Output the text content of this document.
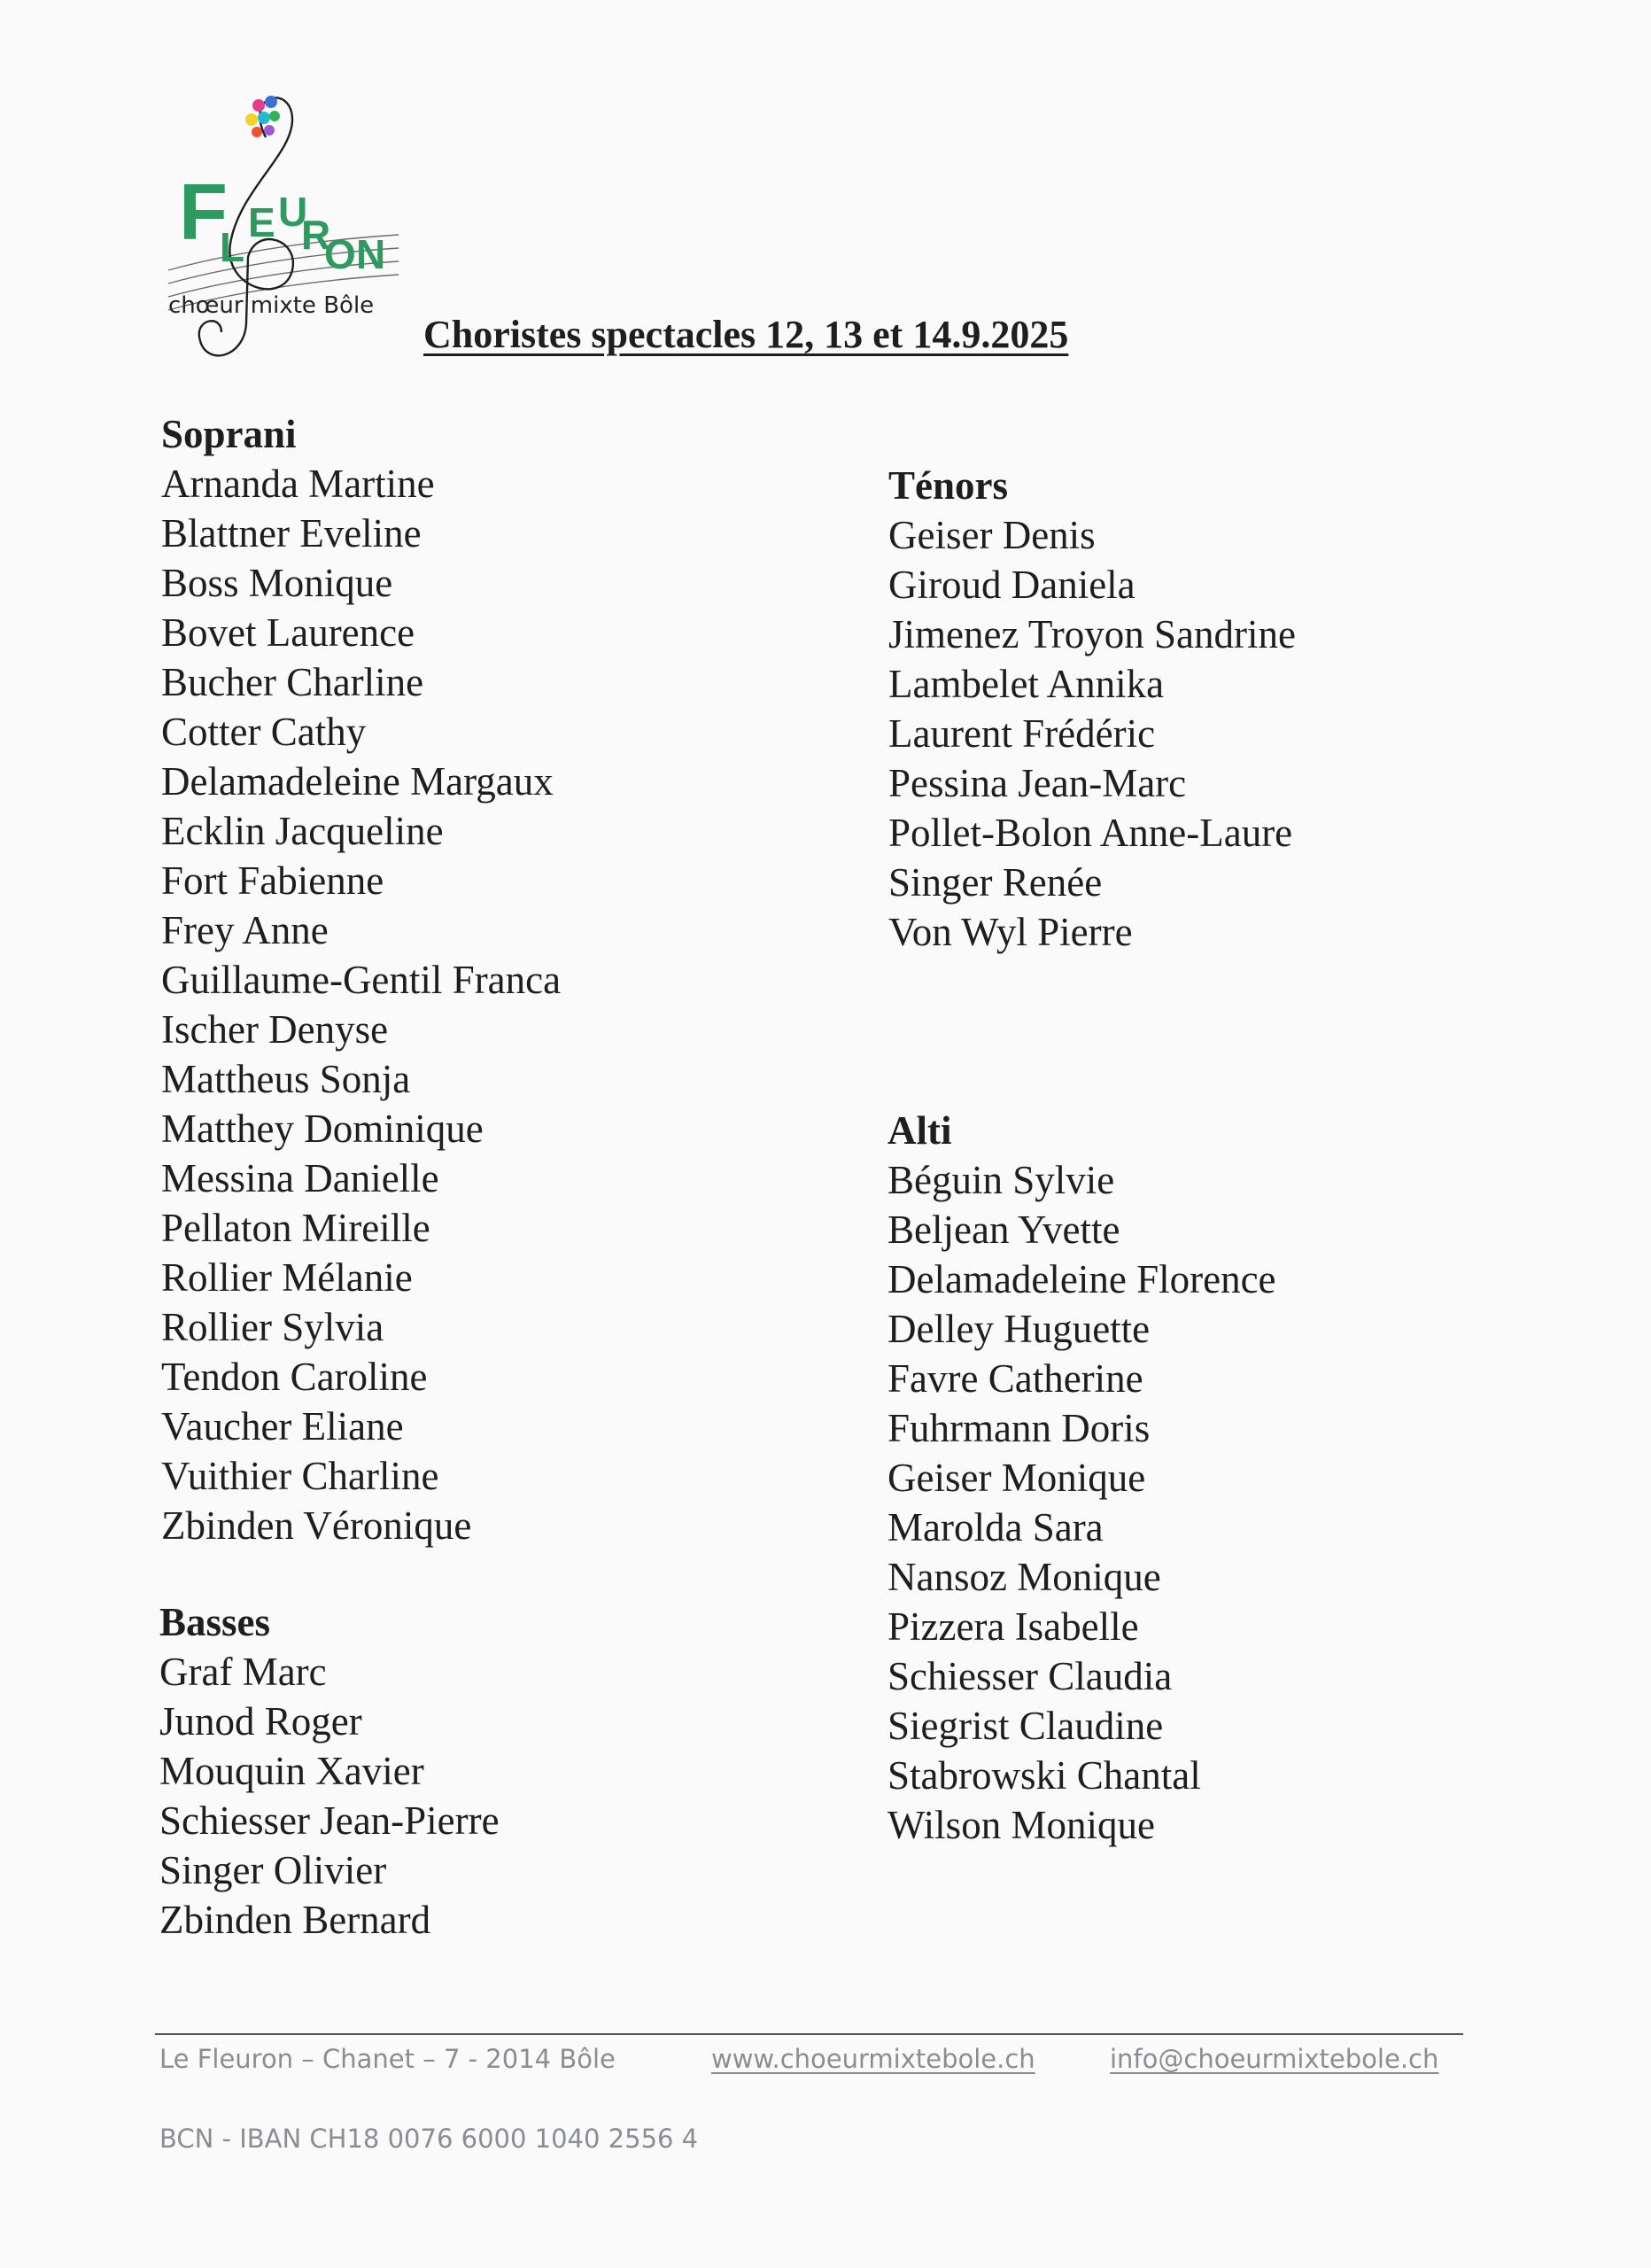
F
L
E U
R
O N
chœur mixte Bôle
Choristes spectacles 12, 13 et 14.9.2025
Soprani
Arnanda Martine
Blattner Eveline
Boss Monique
Bovet Laurence
Bucher Charline
Cotter Cathy
Delamadeleine Margaux
Ecklin Jacqueline
Fort Fabienne
Frey Anne
Guillaume-Gentil Franca
Ischer Denyse
Mattheus Sonja
Matthey Dominique
Messina Danielle
Pellaton Mireille
Rollier Mélanie
Rollier Sylvia
Tendon Caroline
Vaucher Eliane
Vuithier Charline
Zbinden Véronique
Basses
Graf Marc
Junod Roger
Mouquin Xavier
Schiesser Jean-Pierre
Singer Olivier
Zbinden Bernard
Ténors
Geiser Denis
Giroud Daniela
Jimenez Troyon Sandrine
Lambelet Annika
Laurent Frédéric
Pessina Jean-Marc
Pollet-Bolon Anne-Laure
Singer Renée
Von Wyl Pierre
Alti
Béguin Sylvie
Beljean Yvette
Delamadeleine Florence
Delley Huguette
Favre Catherine
Fuhrmann Doris
Geiser Monique
Marolda Sara
Nansoz Monique
Pizzera Isabelle
Schiesser Claudia
Siegrist Claudine
Stabrowski Chantal
Wilson Monique
Le Fleuron – Chanet – 7 - 2014 Bôle	www.choeurmixtebole.ch	info@choeurmixtebole.ch
BCN - IBAN CH18 0076 6000 1040 2556 4
